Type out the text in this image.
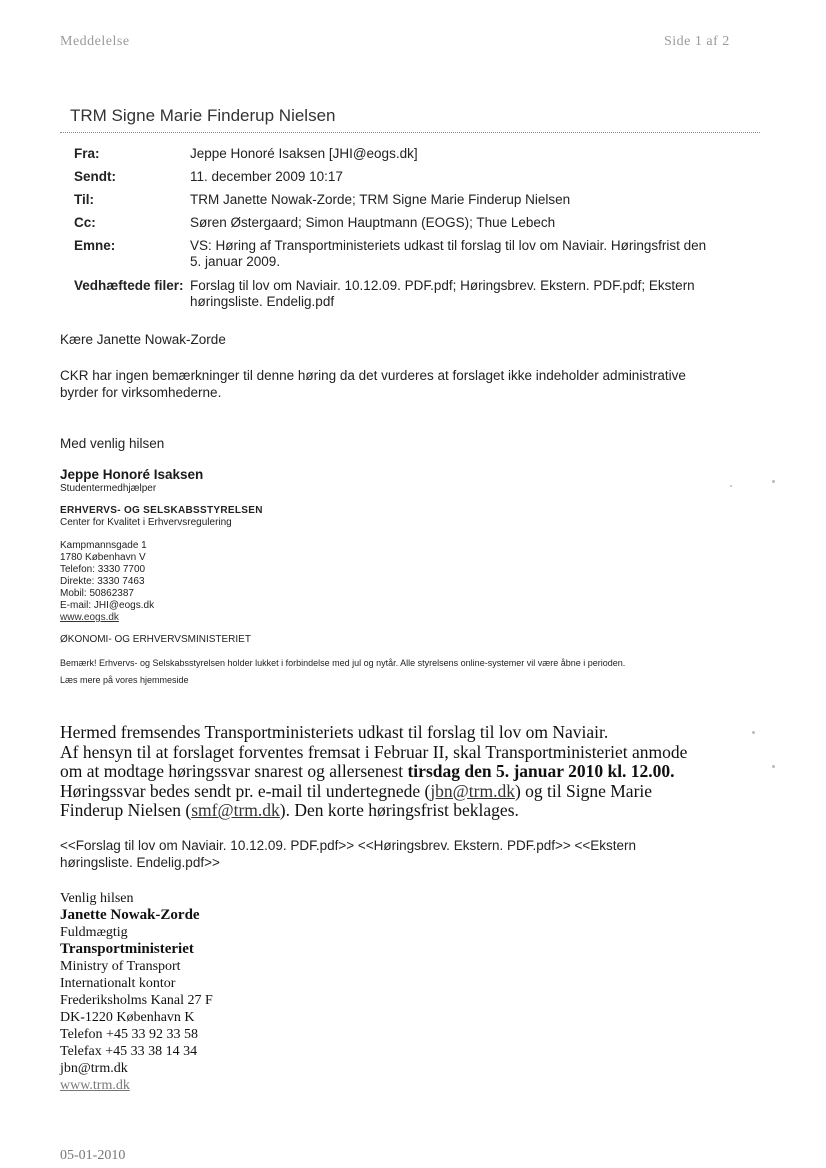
Meddelelse	Side 1 af 2
TRM Signe Marie Finderup Nielsen
Fra:	Jeppe Honoré Isaksen [JHI@eogs.dk]
Sendt:	11. december 2009 10:17
Til:	TRM Janette Nowak-Zorde; TRM Signe Marie Finderup Nielsen
Cc:	Søren Østergaard; Simon Hauptmann (EOGS); Thue Lebech
Emne:	VS: Høring af Transportministeriets udkast til forslag til lov om Naviair. Høringsfrist den 5. januar 2009.
Vedhæftede filer: Forslag til lov om Naviair. 10.12.09. PDF.pdf; Høringsbrev. Ekstern. PDF.pdf; Ekstern høringsliste. Endelig.pdf
Kære Janette Nowak-Zorde
CKR har ingen bemærkninger til denne høring da det vurderes at forslaget ikke indeholder administrative byrder for virksomhederne.
Med venlig hilsen
Jeppe Honoré Isaksen
Studentermedhjælper
ERHVERVS- OG SELSKABSSTYRELSEN
Center for Kvalitet i Erhvervsregulering
Kampmannsgade 1
1780 København V
Telefon: 3330 7700
Direkte: 3330 7463
Mobil: 50862387
E-mail: JHI@eogs.dk
www.eogs.dk
ØKONOMI- OG ERHVERVSMINISTERIET
Bemærk! Erhvervs- og Selskabsstyrelsen holder lukket i forbindelse med jul og nytår. Alle styrelsens online-systemer vil være åbne i perioden.
Læs mere på vores hjemmeside
Hermed fremsendes Transportministeriets udkast til forslag til lov om Naviair.
Af hensyn til at forslaget forventes fremsat i Februar II, skal Transportministeriet anmode
om at modtage høringssvar snarest og allersenest tirsdag den 5. januar 2010 kl. 12.00.
Høringssvar bedes sendt pr. e-mail til undertegnede (jbn@trm.dk) og til Signe Marie
Finderup Nielsen (smf@trm.dk). Den korte høringsfrist beklages.
<<Forslag til lov om Naviair. 10.12.09. PDF.pdf>> <<Høringsbrev. Ekstern. PDF.pdf>> <<Ekstern
høringsliste. Endelig.pdf>>
Venlig hilsen
Janette Nowak-Zorde
Fuldmægtig
Transportministeriet
Ministry of Transport
Internationalt kontor
Frederiksholms Kanal 27 F
DK-1220 København K
Telefon +45 33 92 33 58
Telefax +45 33 38 14 34
jbn@trm.dk
www.trm.dk
05-01-2010
